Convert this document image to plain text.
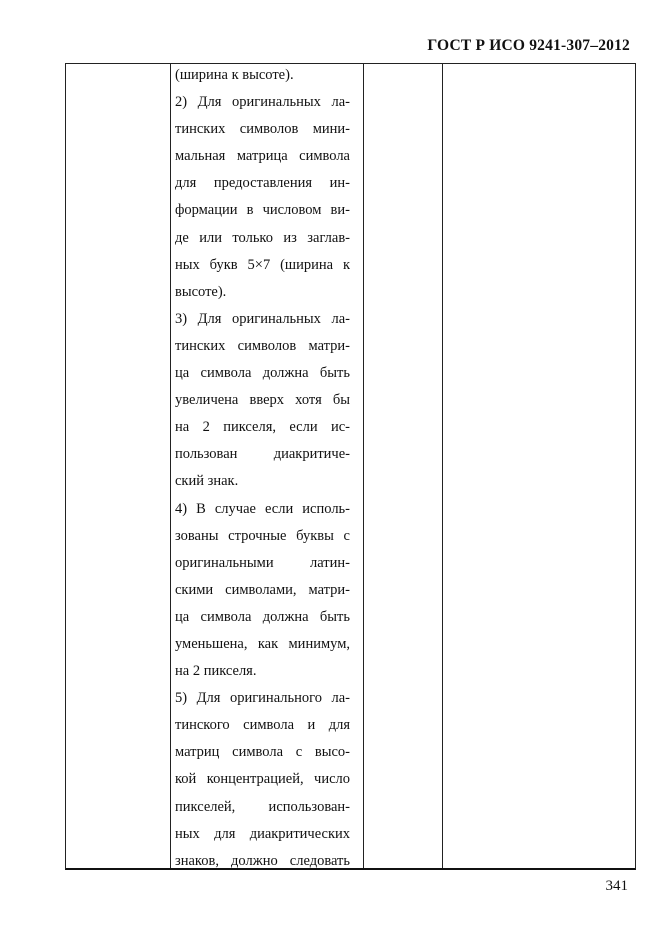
ГОСТ Р ИСО 9241-307–2012
(ширина к высоте).
2) Для оригинальных ла-
тинских символов мини-
мальная матрица символа
для предоставления ин-
формации в числовом ви-
де или только из заглав-
ных букв 5×7 (ширина к
высоте).
3) Для оригинальных ла-
тинских символов матри-
ца символа должна быть
увеличена вверх хотя бы
на 2 пикселя, если ис-
пользован диакритиче-
ский знак.
4) В случае если исполь-
зованы строчные буквы с
оригинальными латин-
скими символами, матри-
ца символа должна быть
уменьшена, как минимум,
на 2 пикселя.
5) Для оригинального ла-
тинского символа и для
матриц символа с высо-
кой концентрацией, число
пикселей, использован-
ных для диакритических
знаков, должно следовать
341
